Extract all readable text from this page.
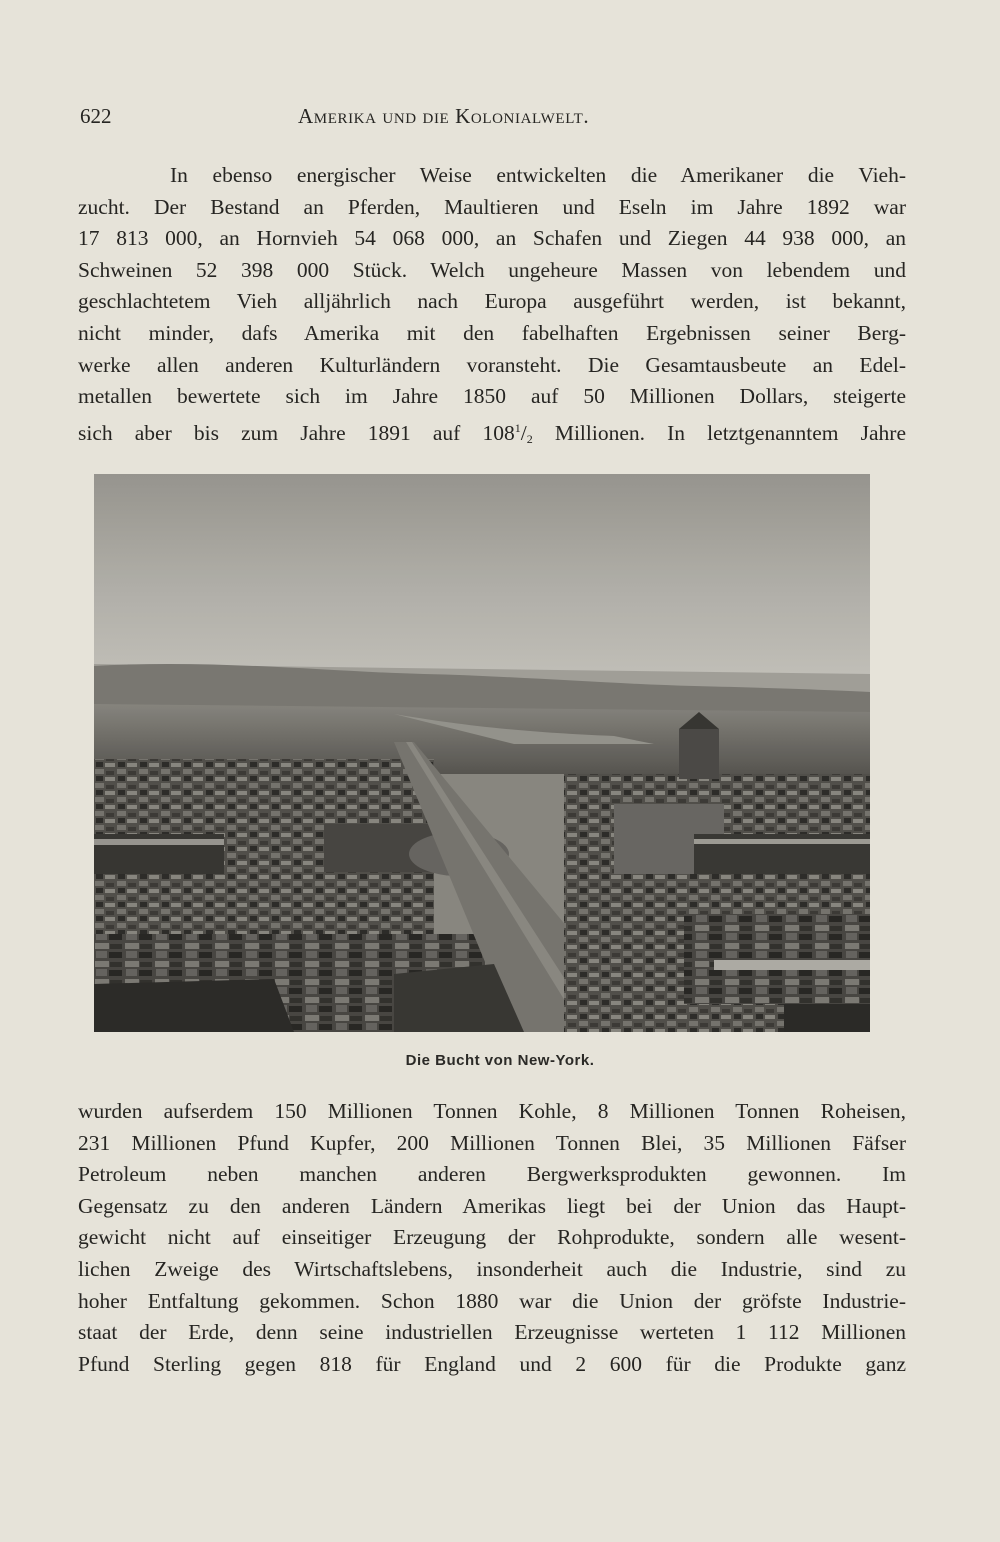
622	Amerika und die Kolonialwelt.
In ebenso energischer Weise entwickelten die Amerikaner die Vieh-
zucht. Der Bestand an Pferden, Maultieren und Eseln im Jahre 1892 war
17 813 000, an Hornvieh 54 068 000, an Schafen und Ziegen 44 938 000, an
Schweinen 52 398 000 Stück. Welch ungeheure Massen von lebendem und
geschlachtetem Vieh alljährlich nach Europa ausgeführt werden, ist bekannt,
nicht minder, dafs Amerika mit den fabelhaften Ergebnissen seiner Berg-
werke allen anderen Kulturländern voransteht. Die Gesamtausbeute an Edel-
metallen bewertete sich im Jahre 1850 auf 50 Millionen Dollars, steigerte
sich aber bis zum Jahre 1891 auf $108^1/_2$ Millionen. In letztgenanntem Jahre
Die Bucht von New-York.
wurden aufserdem 150 Millionen Tonnen Kohle, 8 Millionen Tonnen Roheisen,
231 Millionen Pfund Kupfer, 200 Millionen Tonnen Blei, 35 Millionen Fäfser
Petroleum neben manchen anderen Bergwerksprodukten gewonnen. Im
Gegensatz zu den anderen Ländern Amerikas liegt bei der Union das Haupt-
gewicht nicht auf einseitiger Erzeugung der Rohprodukte, sondern alle wesent-
lichen Zweige des Wirtschaftslebens, insonderheit auch die Industrie, sind zu
hoher Entfaltung gekommen. Schon 1880 war die Union der gröfste Industrie-
staat der Erde, denn seine industriellen Erzeugnisse werteten 1 112 Millionen
Pfund Sterling gegen 818 für England und 2 600 für die Produkte ganz
